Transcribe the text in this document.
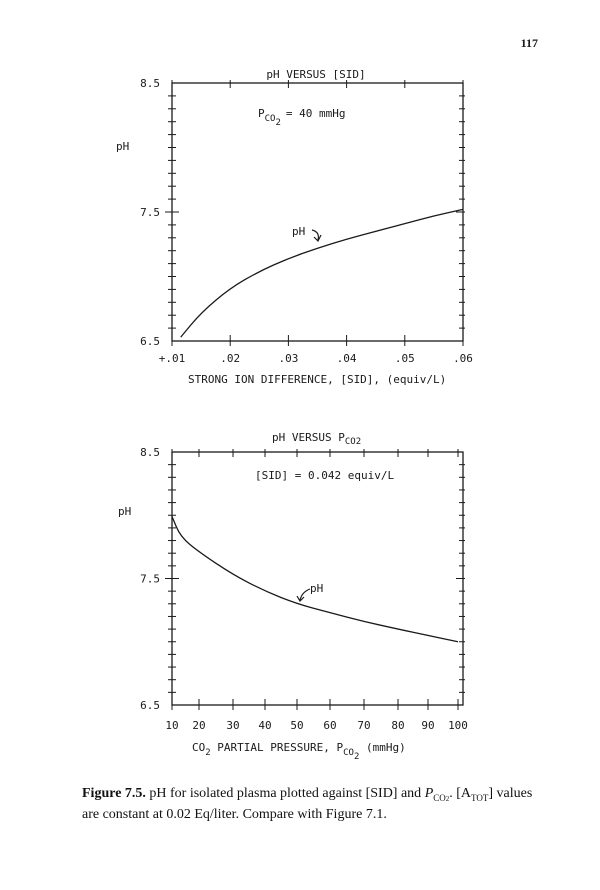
117
pH VERSUS [SID]
$P_{CO2}= 40$ mmHg
pH
STRONG ION DIFFERENCE, [SID], (equiv/L)
pH
6.5
7.5
8.5
+.01	.02	.03	.04	.05	.06
pH VERSUS $P_{CO2}$
[SID] = 0.042 equiv/L
pH
$CO_2$ PARTIAL PRESSURE, $P_{CO2}$ (mmHg)
pH
6.5
7.5
8.5
10 20 30 40 50 60 70 80 90 100
Figure 7.5. pH for isolated plasma plotted against [SID] and $P_{CO2}$. $[A_{TOT}]$ values are constant at 0.02 Eq/liter. Compare with Figure 7.1.
